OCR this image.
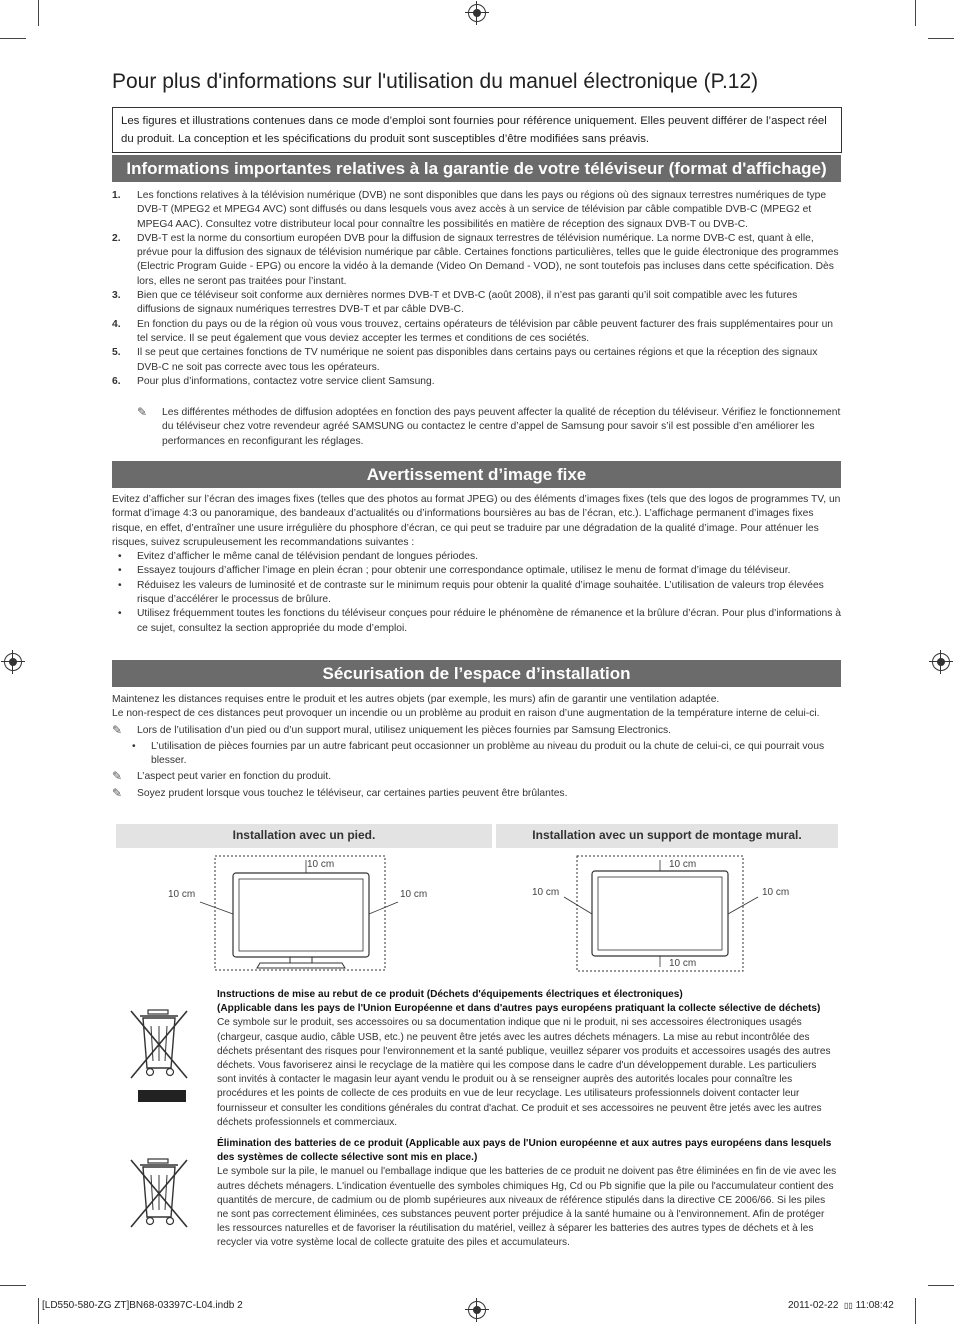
Pour plus d'informations sur l'utilisation du manuel électronique (P.12)
Les figures et illustrations contenues dans ce mode d’emploi sont fournies pour référence uniquement. Elles peuvent différer de l’aspect réel du produit. La conception et les spécifications du produit sont susceptibles d’être modifiées sans préavis.
Informations importantes relatives à la garantie de votre téléviseur (format d'affichage)
1. Les fonctions relatives à la télévision numérique (DVB) ne sont disponibles que dans les pays ou régions où des signaux terrestres numériques de type DVB-T (MPEG2 et MPEG4 AVC) sont diffusés ou dans lesquels vous avez accès à un service de télévision par câble compatible DVB-C (MPEG2 et MPEG4 AAC). Consultez votre distributeur local pour connaître les possibilités en matière de réception des signaux DVB-T ou DVB-C.
2. DVB-T est la norme du consortium européen DVB pour la diffusion de signaux terrestres de télévision numérique. La norme DVB-C est, quant à elle, prévue pour la diffusion des signaux de télévision numérique par câble. Certaines fonctions particulières, telles que le guide électronique des programmes (Electric Program Guide - EPG) ou encore la vidéo à la demande (Video On Demand - VOD), ne sont toutefois pas incluses dans cette spécification. Dès lors, elles ne seront pas traitées pour l’instant.
3. Bien que ce téléviseur soit conforme aux dernières normes DVB-T et DVB-C (août 2008), il n’est pas garanti qu’il soit compatible avec les futures diffusions de signaux numériques terrestres DVB-T et par câble DVB-C.
4. En fonction du pays ou de la région où vous vous trouvez, certains opérateurs de télévision par câble peuvent facturer des frais supplémentaires pour un tel service. Il se peut également que vous deviez accepter les termes et conditions de ces sociétés.
5. Il se peut que certaines fonctions de TV numérique ne soient pas disponibles dans certains pays ou certaines régions et que la réception des signaux DVB-C ne soit pas correcte avec tous les opérateurs.
6. Pour plus d’informations, contactez votre service client Samsung.
✎ Les différentes méthodes de diffusion adoptées en fonction des pays peuvent affecter la qualité de réception du téléviseur. Vérifiez le fonctionnement du téléviseur chez votre revendeur agréé SAMSUNG ou contactez le centre d’appel de Samsung pour savoir s’il est possible d’en améliorer les performances en reconfigurant les réglages.
Avertissement d’image fixe
Evitez d’afficher sur l’écran des images fixes (telles que des photos au format JPEG) ou des éléments d’images fixes (tels que des logos de programmes TV, un format d’image 4:3 ou panoramique, des bandeaux d’actualités ou d’informations boursières au bas de l’écran, etc.). L’affichage permanent d’images fixes risque, en effet, d’entraîner une usure irrégulière du phosphore d’écran, ce qui peut se traduire par une dégradation de la qualité d’image. Pour atténuer les risques, suivez scrupuleusement les recommandations suivantes :
• Evitez d’afficher le même canal de télévision pendant de longues périodes.
• Essayez toujours d’afficher l’image en plein écran ; pour obtenir une correspondance optimale, utilisez le menu de format d’image du téléviseur.
• Réduisez les valeurs de luminosité et de contraste sur le minimum requis pour obtenir la qualité d’image souhaitée. L’utilisation de valeurs trop élevées risque d’accélérer le processus de brûlure.
• Utilisez fréquemment toutes les fonctions du téléviseur conçues pour réduire le phénomène de rémanence et la brûlure d’écran. Pour plus d’informations à ce sujet, consultez la section appropriée du mode d’emploi.
Sécurisation de l’espace d’installation
Maintenez les distances requises entre le produit et les autres objets (par exemple, les murs) afin de garantir une ventilation adaptée.
Le non-respect de ces distances peut provoquer un incendie ou un problème au produit en raison d’une augmentation de la température interne de celui-ci.
✎ Lors de l’utilisation d’un pied ou d’un support mural, utilisez uniquement les pièces fournies par Samsung Electronics.
• L’utilisation de pièces fournies par un autre fabricant peut occasionner un problème au niveau du produit ou la chute de celui-ci, ce qui pourrait vous blesser.
✎ L’aspect peut varier en fonction du produit.
✎ Soyez prudent lorsque vous touchez le téléviseur, car certaines parties peuvent être brûlantes.
Installation avec un pied.	Installation avec un support de montage mural.
10 cm
10 cm	10 cm
10 cm
10 cm
10 cm	10 cm
Instructions de mise au rebut de ce produit (Déchets d'équipements électriques et électroniques)
(Applicable dans les pays de l'Union Européenne et dans d'autres pays européens pratiquant la collecte sélective de déchets)
Ce symbole sur le produit, ses accessoires ou sa documentation indique que ni le produit, ni ses accessoires électroniques usagés (chargeur, casque audio, câble USB, etc.) ne peuvent être jetés avec les autres déchets ménagers. La mise au rebut incontrôlée des déchets présentant des risques pour l'environnement et la santé publique, veuillez séparer vos produits et accessoires usagés des autres déchets. Vous favoriserez ainsi le recyclage de la matière qui les compose dans le cadre d'un développement durable. Les particuliers sont invités à contacter le magasin leur ayant vendu le produit ou à se renseigner auprès des autorités locales pour connaître les procédures et les points de collecte de ces produits en vue de leur recyclage. Les utilisateurs professionnels doivent contacter leur fournisseur et consulter les conditions générales du contrat d'achat. Ce produit et ses accessoires ne peuvent être jetés avec les autres déchets professionnels et commerciaux.
Élimination des batteries de ce produit (Applicable aux pays de l'Union européenne et aux autres pays européens dans lesquels des systèmes de collecte sélective sont mis en place.)
Le symbole sur la pile, le manuel ou l'emballage indique que les batteries de ce produit ne doivent pas être éliminées en fin de vie avec les autres déchets ménagers. L'indication éventuelle des symboles chimiques Hg, Cd ou Pb signifie que la pile ou l'accumulateur contient des quantités de mercure, de cadmium ou de plomb supérieures aux niveaux de référence stipulés dans la directive CE 2006/66. Si les piles ne sont pas correctement éliminées, ces substances peuvent porter préjudice à la santé humaine ou à l'environnement. Afin de protéger les ressources naturelles et de favoriser la réutilisation du matériel, veillez à séparer les batteries des autres types de déchets et à les recycler via votre système local de collecte gratuite des piles et accumulateurs.
[LD550-580-ZG ZT]BN68-03397C-L04.indb 2	2011-02-22 ▯▯ 11:08:42
